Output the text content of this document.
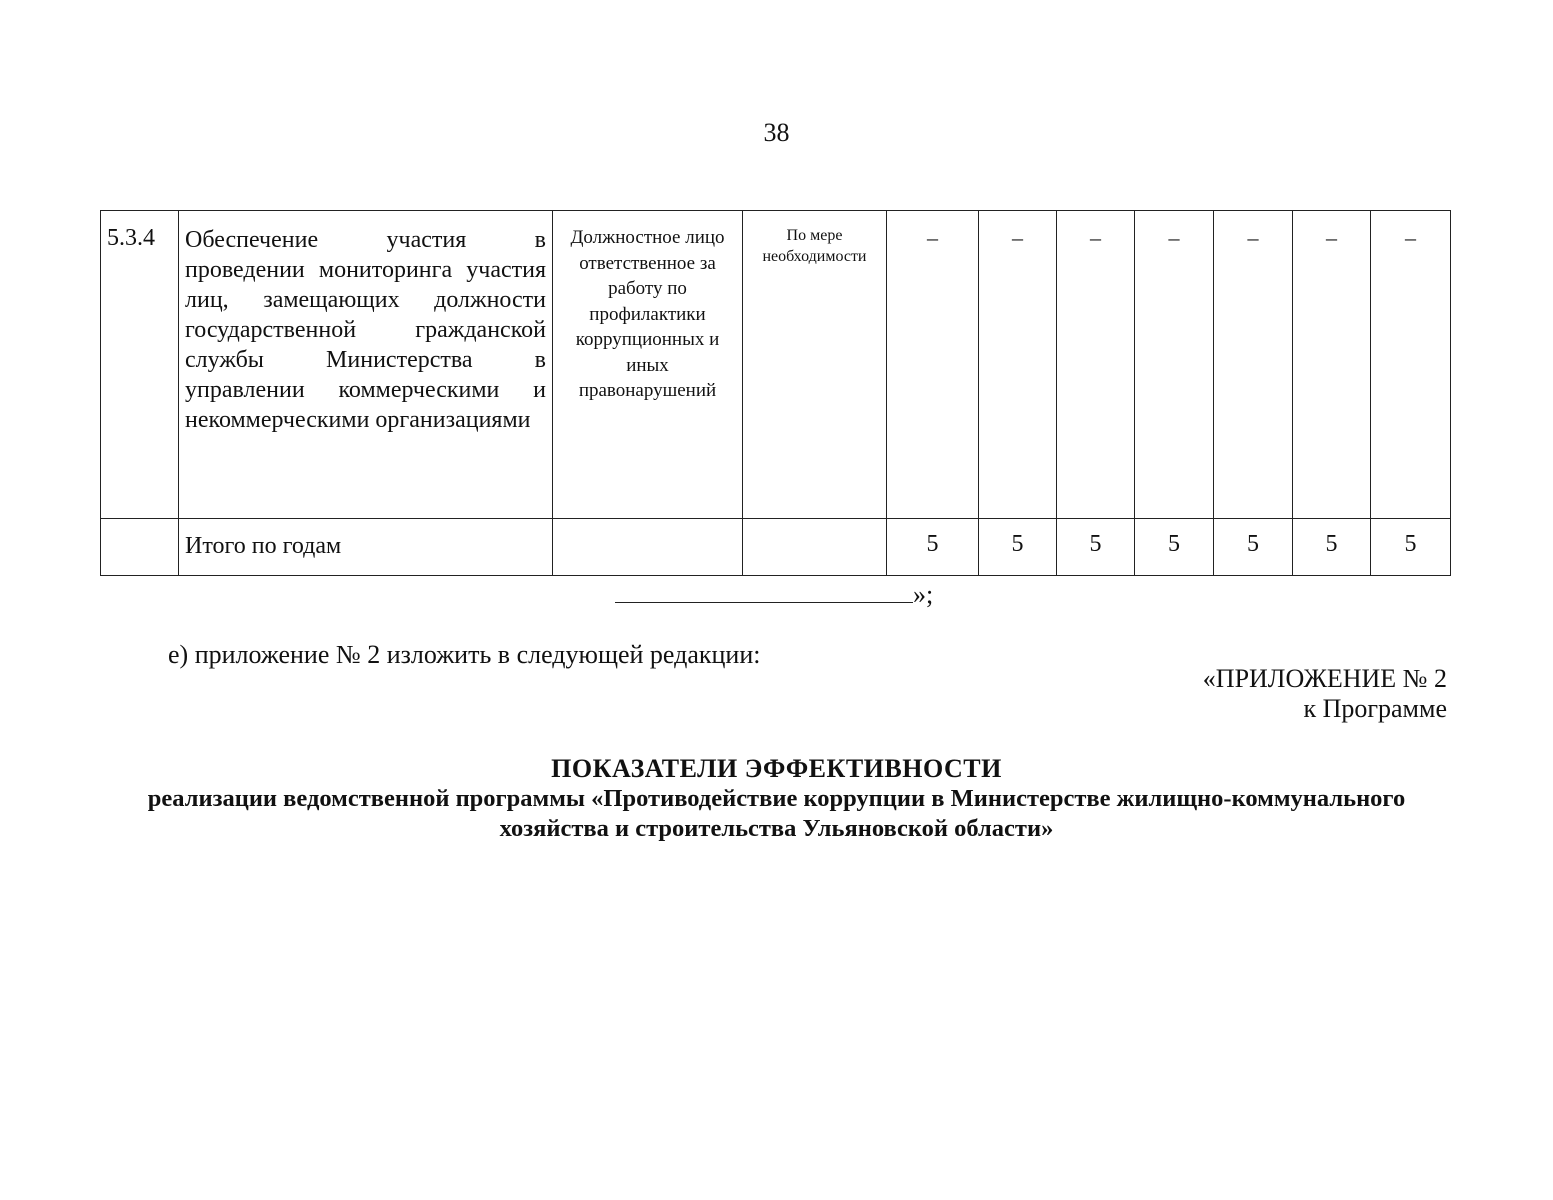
38
5.3.4	Обеспечение участия в проведении мониторинга участия лиц, замещающих должности государственной гражданской службы Министерства в управлении коммерческими и некоммерческими организациями	Должностное лицо ответственное за работу по профилактики коррупционных и иных правонарушений	По мере необходимости	–	–	–	–	–	–	–
	Итого по годам			5	5	5	5	5	5	5
»;
е) приложение № 2 изложить в следующей редакции:
«ПРИЛОЖЕНИЕ № 2
к Программе
ПОКАЗАТЕЛИ ЭФФЕКТИВНОСТИ
реализации ведомственной программы «Противодействие коррупции в Министерстве жилищно-коммунального
хозяйства и строительства Ульяновской области»
